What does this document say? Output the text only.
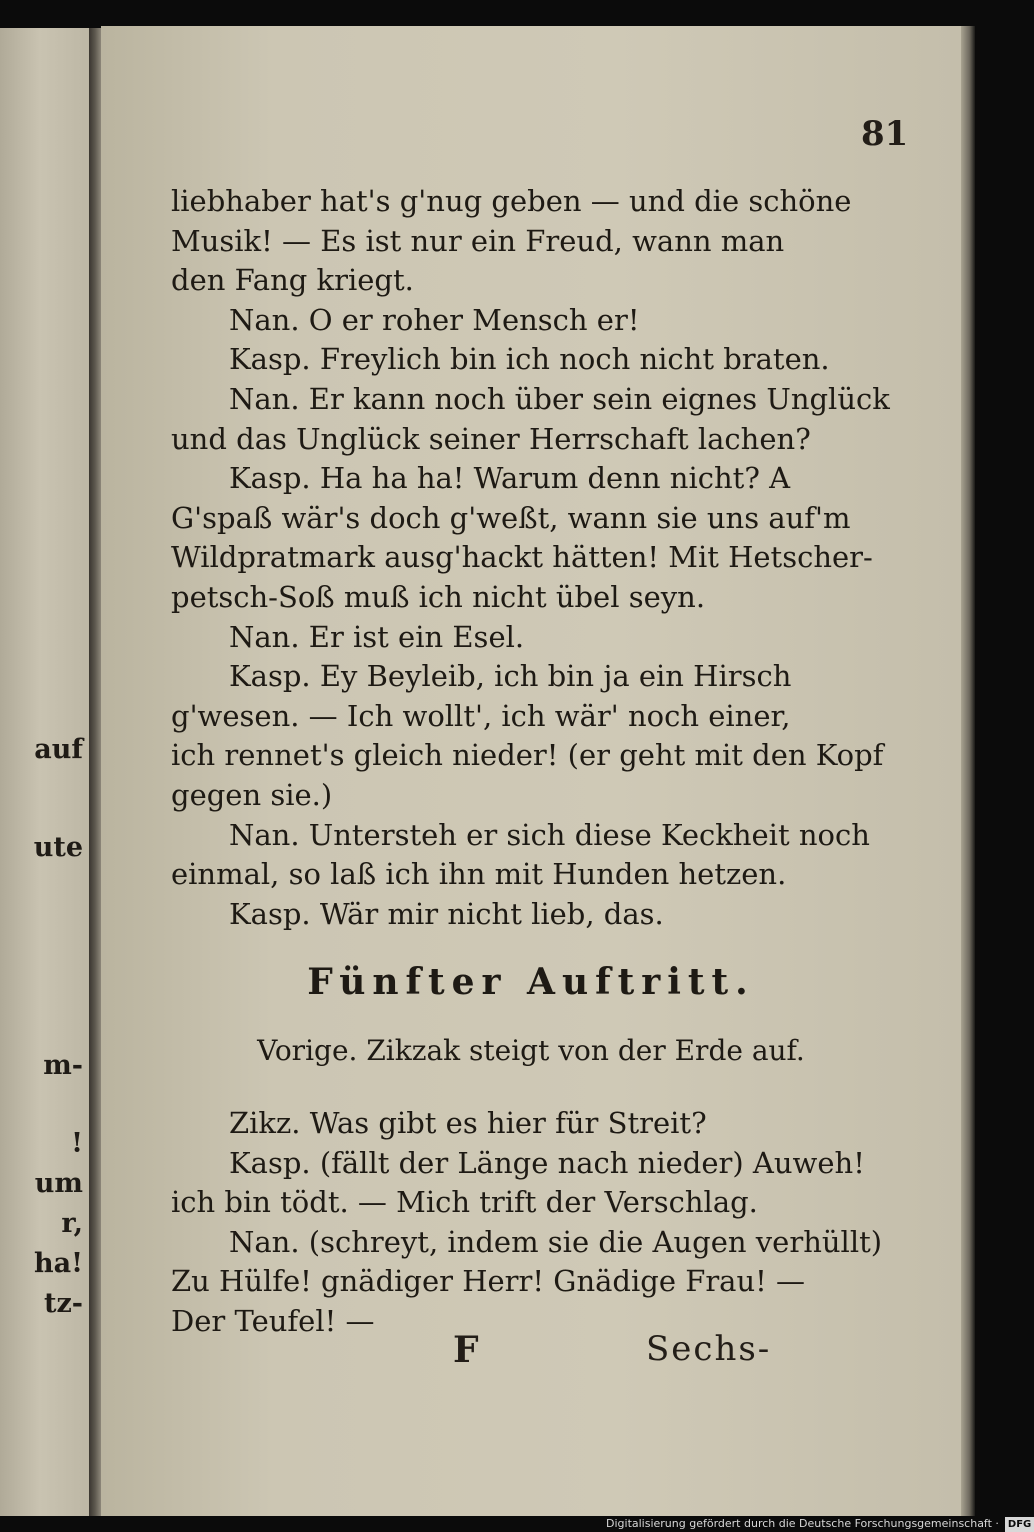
auf
ute
m-
!
um
r,
ha!
tz-
81
liebhaber hat's g'nug geben — und die schöne
Musik! — Es ist nur ein Freud, wann man
den Fang kriegt.
Nan. O er roher Mensch er!
Kasp. Freylich bin ich noch nicht braten.
Nan. Er kann noch über sein eignes Unglück
und das Unglück seiner Herrschaft lachen?
Kasp. Ha ha ha! Warum denn nicht? A
G'spaß wär's doch g'weßt, wann sie uns auf'm
Wildpratmark ausg'hackt hätten! Mit Hetscher-
petsch-Soß muß ich nicht übel seyn.
Nan. Er ist ein Esel.
Kasp. Ey Beyleib, ich bin ja ein Hirsch
g'wesen. — Ich wollt', ich wär' noch einer,
ich rennet's gleich nieder! (er geht mit den Kopf
gegen sie.)
Nan. Untersteh er sich diese Keckheit noch
einmal, so laß ich ihn mit Hunden hetzen.
Kasp. Wär mir nicht lieb, das.
Fünfter Auftritt.
Vorige. Zikzak steigt von der Erde auf.
Zikz. Was gibt es hier für Streit?
Kasp. (fällt der Länge nach nieder) Auweh!
ich bin tödt. — Mich trift der Verschlag.
Nan. (schreyt, indem sie die Augen verhüllt)
Zu Hülfe! gnädiger Herr! Gnädige Frau! —
Der Teufel! —
F	Sechs-
Digitalisierung gefördert durch die Deutsche Forschungsgemeinschaft · DFG
